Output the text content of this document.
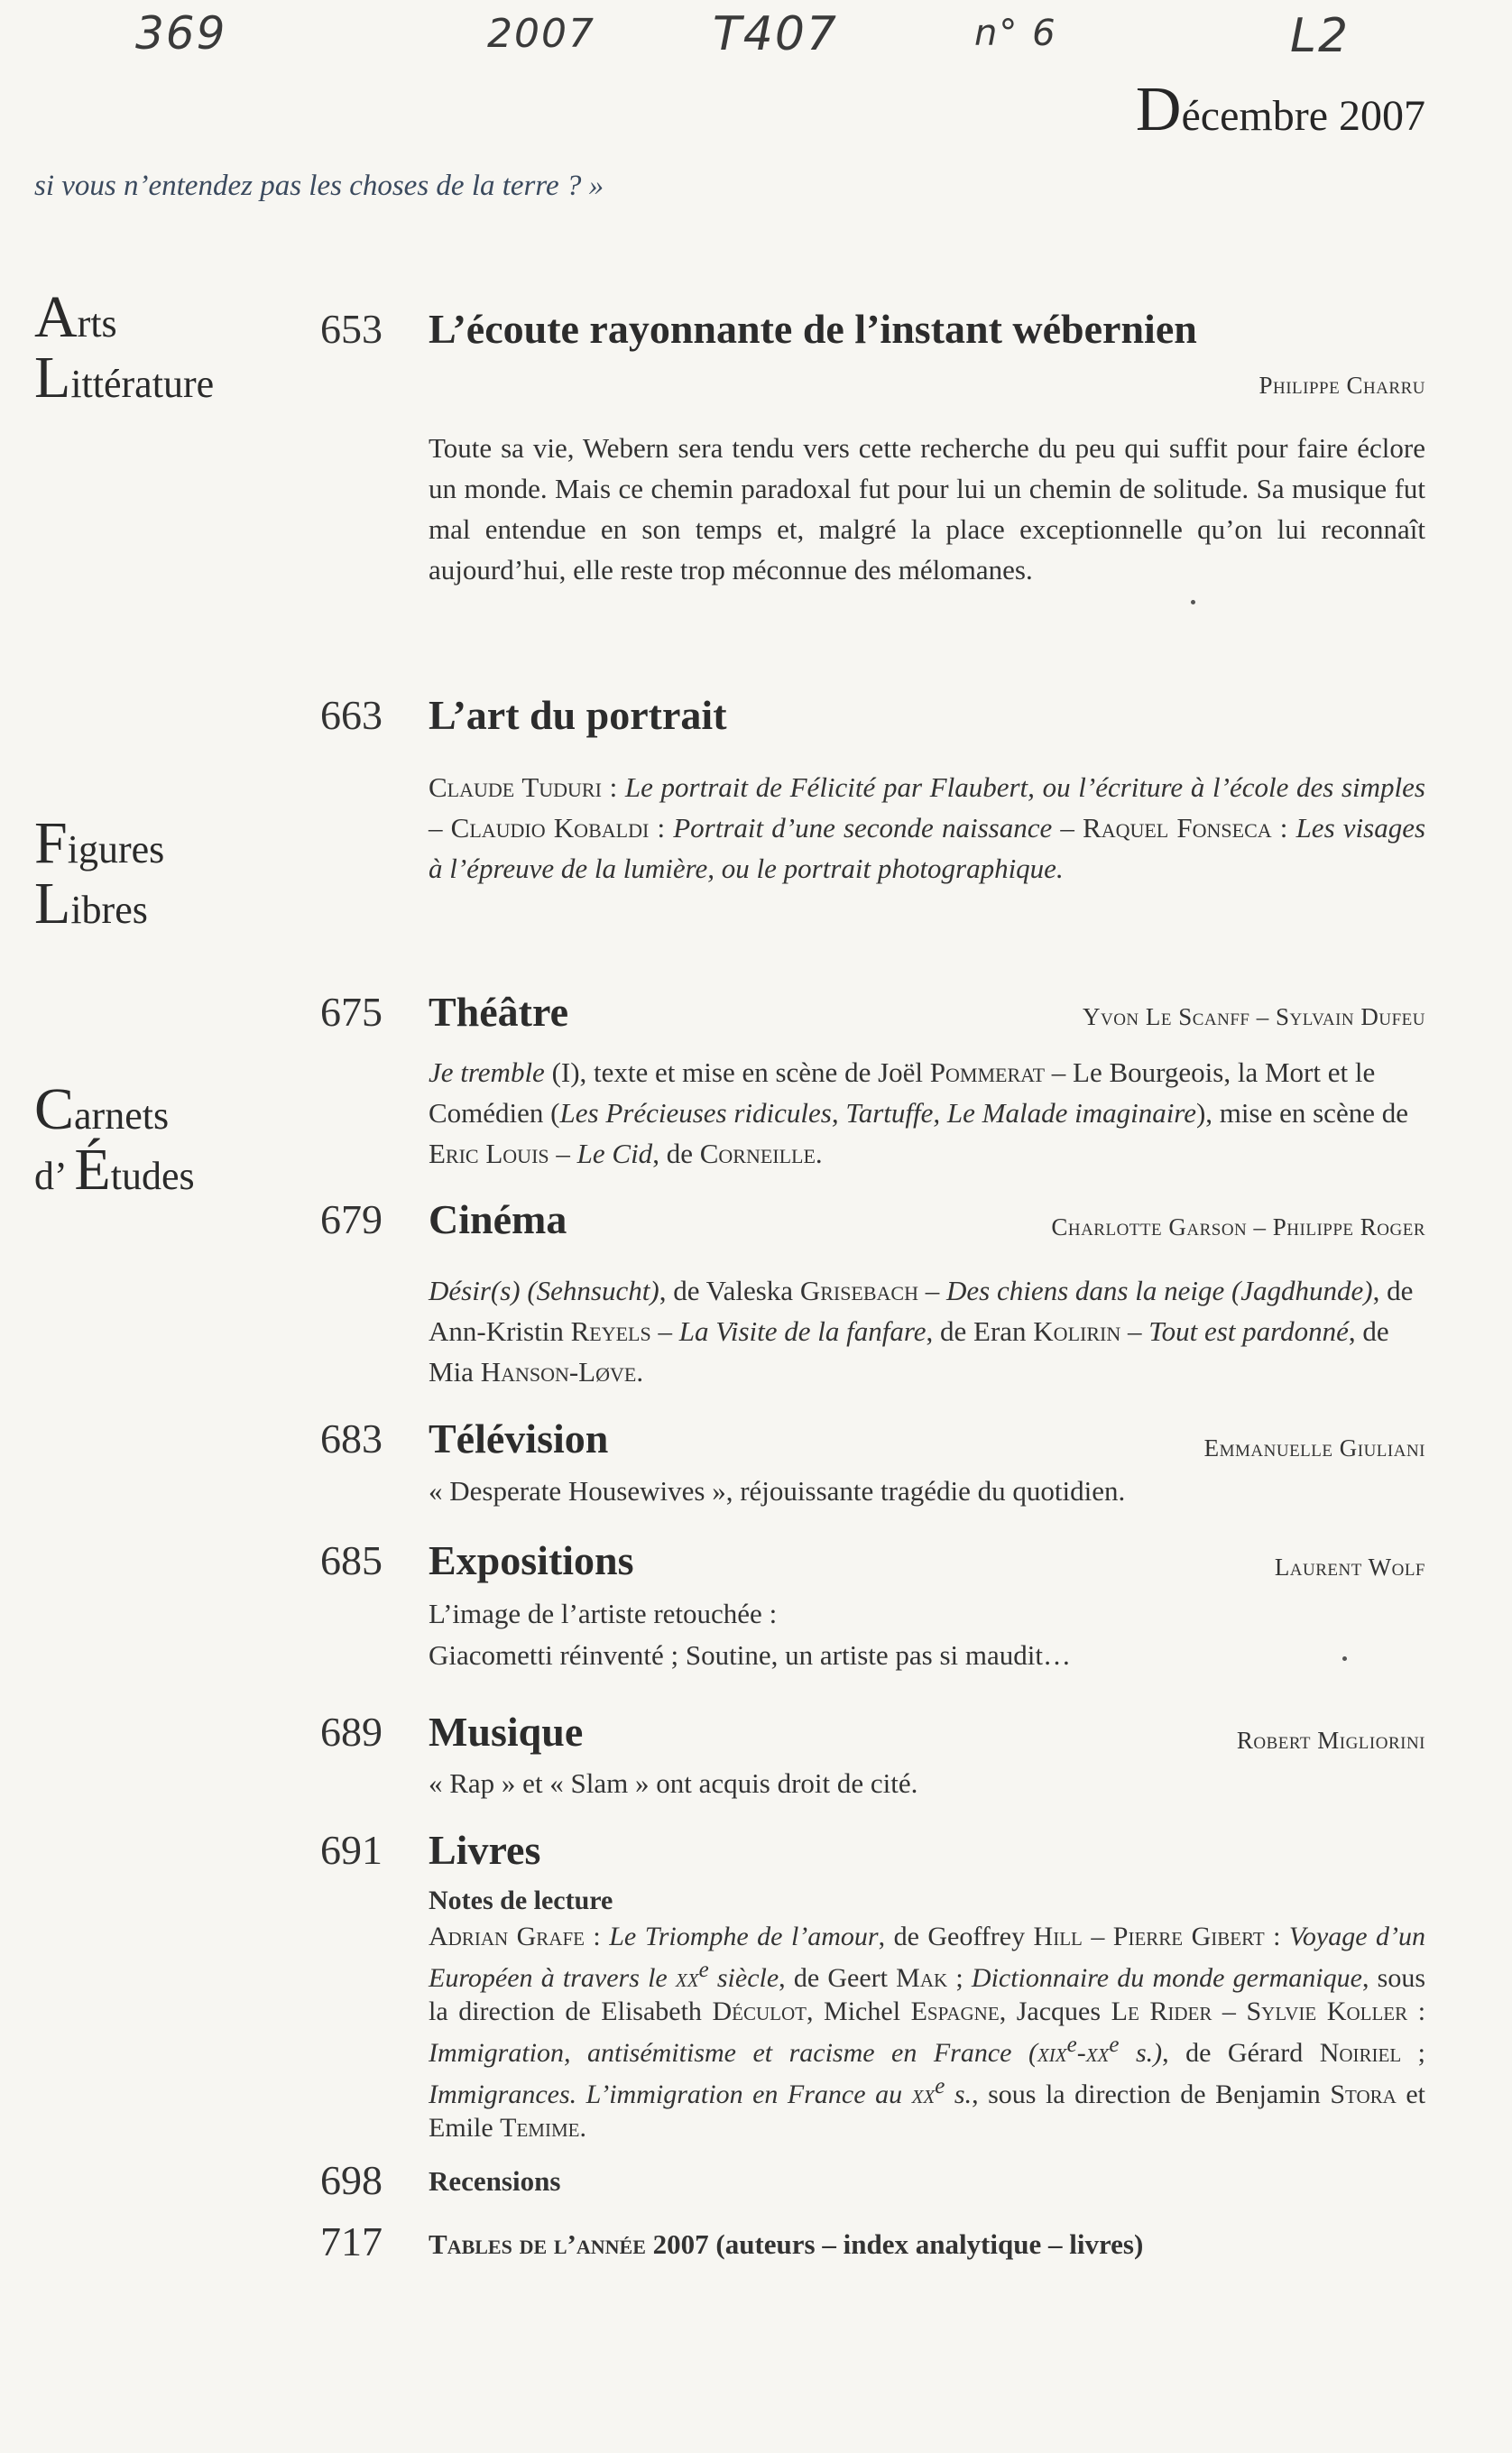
369	2007	T407	n° 6	L2
Décembre 2007
si vous n’entendez pas les choses de la terre ? »
Arts
Littérature
Figures
Libres
Carnets
d’ Études
653 L’écoute rayonnante de l’instant wébernien
Philippe Charru
Toute sa vie, Webern sera tendu vers cette recherche du peu qui suffit pour faire éclore un monde. Mais ce chemin paradoxal fut pour lui un chemin de solitude. Sa musique fut mal entendue en son temps et, malgré la place exceptionnelle qu’on lui reconnaît aujourd’hui, elle reste trop méconnue des mélomanes.
663 L’art du portrait
Claude Tuduri : Le portrait de Félicité par Flaubert, ou l’écriture à l’école des simples – Claudio Kobaldi : Portrait d’une seconde naissance – Raquel Fonseca : Les visages à l’épreuve de la lumière, ou le portrait photographique.
675 Théâtre	Yvon Le Scanff – Sylvain Dufeu
Je tremble (I), texte et mise en scène de Joël Pommerat – Le Bourgeois, la Mort et le Comédien (Les Précieuses ridicules, Tartuffe, Le Malade imaginaire), mise en scène de Eric Louis – Le Cid, de Corneille.
679 Cinéma	Charlotte Garson – Philippe Roger
Désir(s) (Sehnsucht), de Valeska Grisebach – Des chiens dans la neige (Jagdhunde), de Ann-Kristin Reyels – La Visite de la fanfare, de Eran Kolirin – Tout est pardonné, de Mia Hanson-Løve.
683 Télévision	Emmanuelle Giuliani
« Desperate Housewives », réjouissante tragédie du quotidien.
685 Expositions	Laurent Wolf
L’image de l’artiste retouchée :
Giacometti réinventé ; Soutine, un artiste pas si maudit…
689 Musique	Robert Migliorini
« Rap » et « Slam » ont acquis droit de cité.
691 Livres
Notes de lecture
Adrian Grafe : Le Triomphe de l’amour, de Geoffrey Hill – Pierre Gibert : Voyage d’un Européen à travers le $xx^e$ siècle, de Geert Mak ; Dictionnaire du monde germanique, sous la direction de Elisabeth Déculot, Michel Espagne, Jacques Le Rider – Sylvie Koller : Immigration, antisémitisme et racisme en France ($xix^e-xx^e$ s.), de Gérard Noiriel ; Immigrances. L’immigration en France au $xx^e$ s., sous la direction de Benjamin Stora et Emile Temime.
698 Recensions
717 Tables de l’année 2007 (auteurs – index analytique – livres)
